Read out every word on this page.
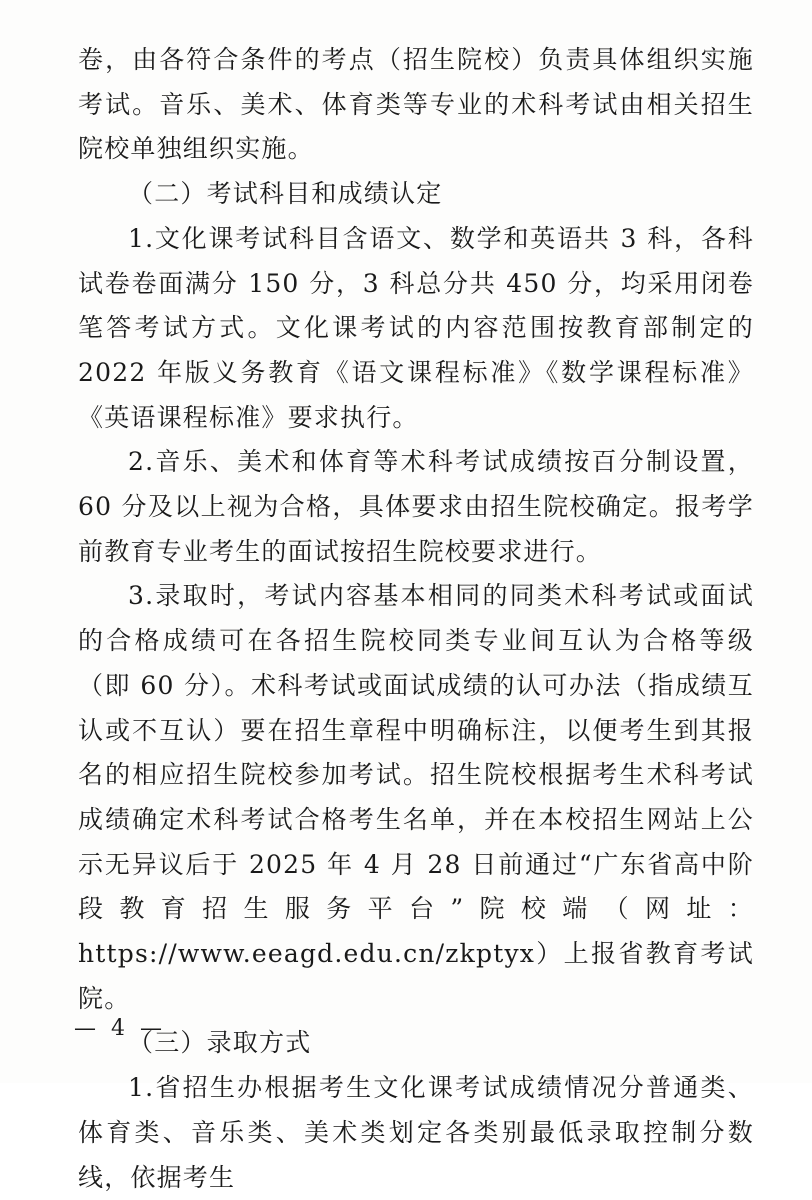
卷，由各符合条件的考点（招生院校）负责具体组织实施考试。音乐、美术、体育类等专业的术科考试由相关招生院校单独组织实施。

（二）考试科目和成绩认定

1.文化课考试科目含语文、数学和英语共 3 科，各科试卷卷面满分 150 分，3 科总分共 450 分，均采用闭卷笔答考试方式。文化课考试的内容范围按教育部制定的 2022 年版义务教育《语文课程标准》《数学课程标准》《英语课程标准》要求执行。

2.音乐、美术和体育等术科考试成绩按百分制设置，60 分及以上视为合格，具体要求由招生院校确定。报考学前教育专业考生的面试按招生院校要求进行。

3.录取时，考试内容基本相同的同类术科考试或面试的合格成绩可在各招生院校同类专业间互认为合格等级（即 60 分）。术科考试或面试成绩的认可办法（指成绩互认或不互认）要在招生章程中明确标注，以便考生到其报名的相应招生院校参加考试。招生院校根据考生术科考试成绩确定术科考试合格考生名单，并在本校招生网站上公示无异议后于 2025 年 4 月 28 日前通过“广东省高中阶段教育招生服务平台”院校端（网址：https://www.eeagd.edu.cn/zkptyx）上报省教育考试院。

（三）录取方式

1.省招生办根据考生文化课考试成绩情况分普通类、体育类、音乐类、美术类划定各类别最低录取控制分数线，依据考生

— 4 —
